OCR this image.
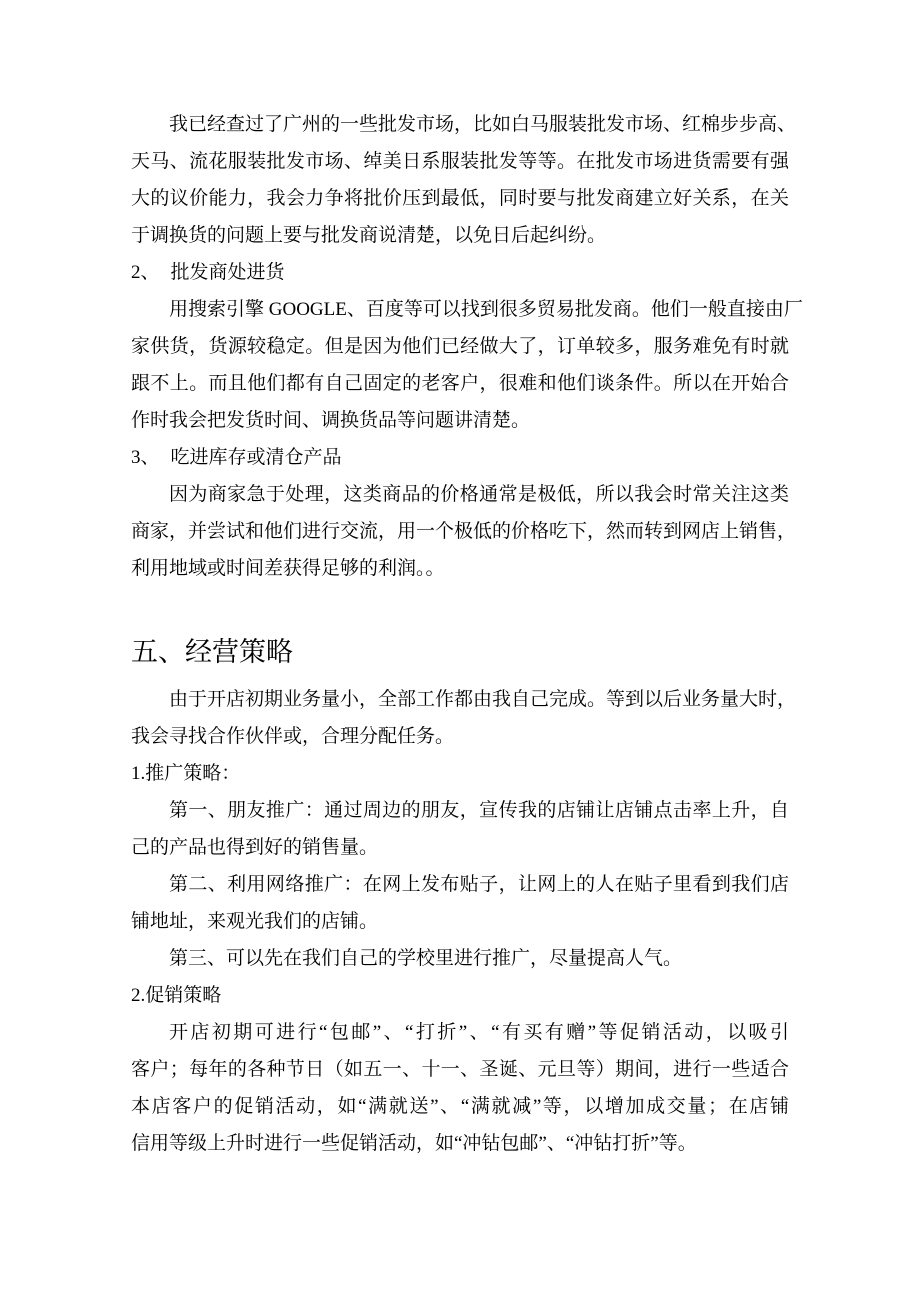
我已经查过了广州的一些批发市场，比如白马服装批发市场、红棉步步高、
天马、流花服装批发市场、绰美日系服装批发等等。在批发市场进货需要有强
大的议价能力，我会力争将批价压到最低，同时要与批发商建立好关系，在关
于调换货的问题上要与批发商说清楚，以免日后起纠纷。
2、 批发商处进货
用搜索引擎 GOOGLE、百度等可以找到很多贸易批发商。他们一般直接由厂
家供货，货源较稳定。但是因为他们已经做大了，订单较多，服务难免有时就
跟不上。而且他们都有自己固定的老客户，很难和他们谈条件。所以在开始合
作时我会把发货时间、调换货品等问题讲清楚。
3、 吃进库存或清仓产品
因为商家急于处理，这类商品的价格通常是极低，所以我会时常关注这类
商家，并尝试和他们进行交流，用一个极低的价格吃下，然而转到网店上销售，
利用地域或时间差获得足够的利润。。
五、经营策略
由于开店初期业务量小，全部工作都由我自己完成。等到以后业务量大时，
我会寻找合作伙伴或，合理分配任务。
1.推广策略：
第一、朋友推广：通过周边的朋友，宣传我的店铺让店铺点击率上升，自
己的产品也得到好的销售量。
第二、利用网络推广：在网上发布贴子，让网上的人在贴子里看到我们店
铺地址，来观光我们的店铺。
第三、可以先在我们自己的学校里进行推广，尽量提高人气。
2.促销策略
开店初期可进行“包邮”、“打折”、“有买有赠”等促销活动，以吸引
客户；每年的各种节日（如五一、十一、圣诞、元旦等）期间，进行一些适合
本店客户的促销活动，如“满就送”、“满就减”等，以增加成交量；在店铺
信用等级上升时进行一些促销活动，如“冲钻包邮”、“冲钻打折”等。
